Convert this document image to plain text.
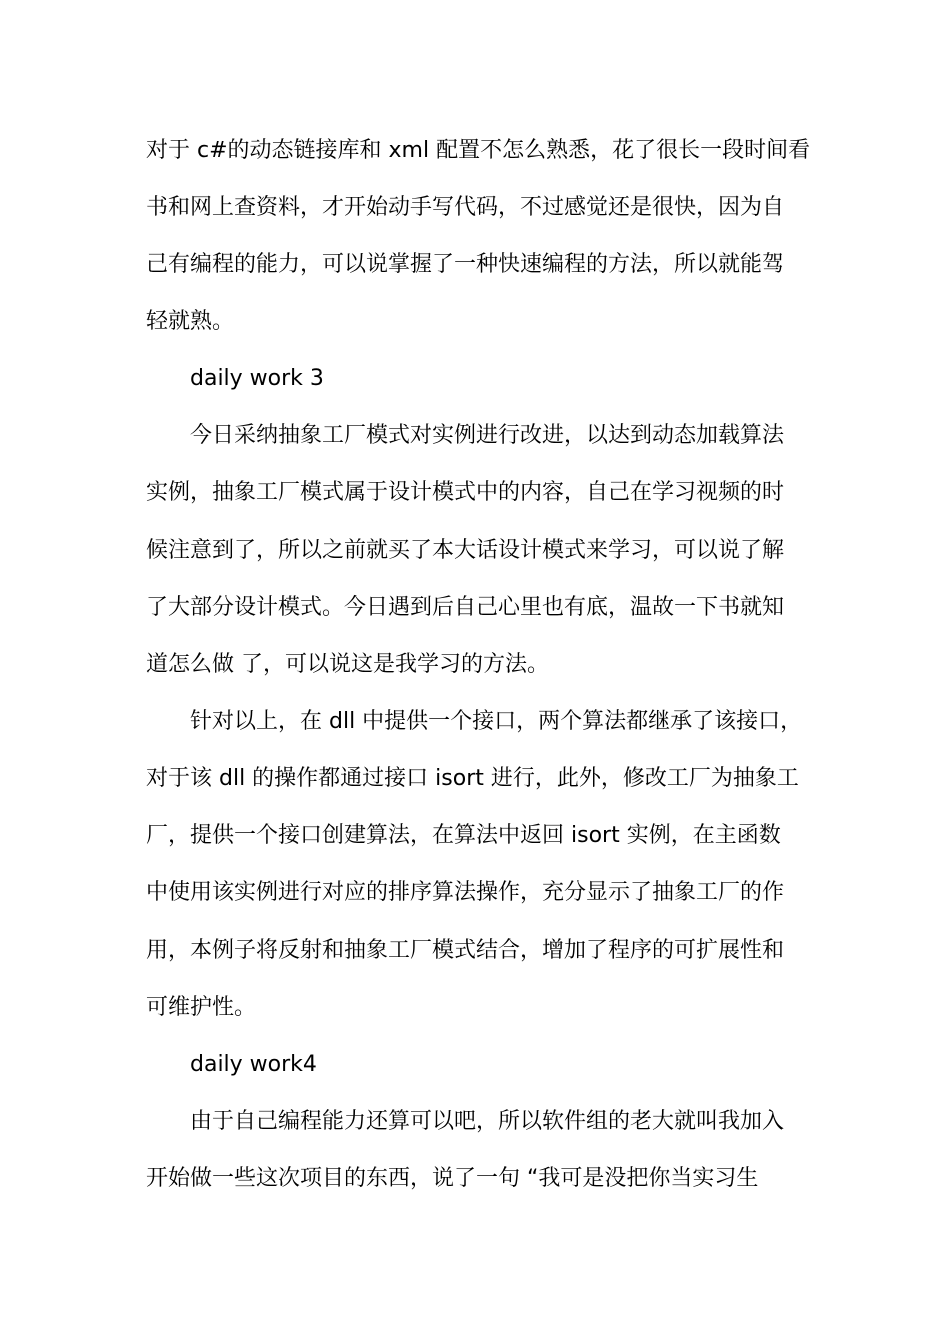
对于 c#的动态链接库和 xml 配置不怎么熟悉，花了很长一段时间看
书和网上查资料，才开始动手写代码，不过感觉还是很快，因为自
己有编程的能力，可以说掌握了一种快速编程的方法，所以就能驾
轻就熟。
daily work 3
今日采纳抽象工厂模式对实例进行改进，以达到动态加载算法
实例，抽象工厂模式属于设计模式中的内容，自己在学习视频的时
候注意到了，所以之前就买了本大话设计模式来学习，可以说了解
了大部分设计模式。今日遇到后自己心里也有底，温故一下书就知
道怎么做 了，可以说这是我学习的方法。
针对以上，在 dll 中提供一个接口，两个算法都继承了该接口，
对于该 dll 的操作都通过接口 isort 进行，此外，修改工厂为抽象工
厂，提供一个接口创建算法，在算法中返回 isort 实例，在主函数
中使用该实例进行对应的排序算法操作，充分显示了抽象工厂的作
用，本例子将反射和抽象工厂模式结合，增加了程序的可扩展性和
可维护性。
daily work4
由于自己编程能力还算可以吧，所以软件组的老大就叫我加入
开始做一些这次项目的东西，说了一句 “我可是没把你当实习生
